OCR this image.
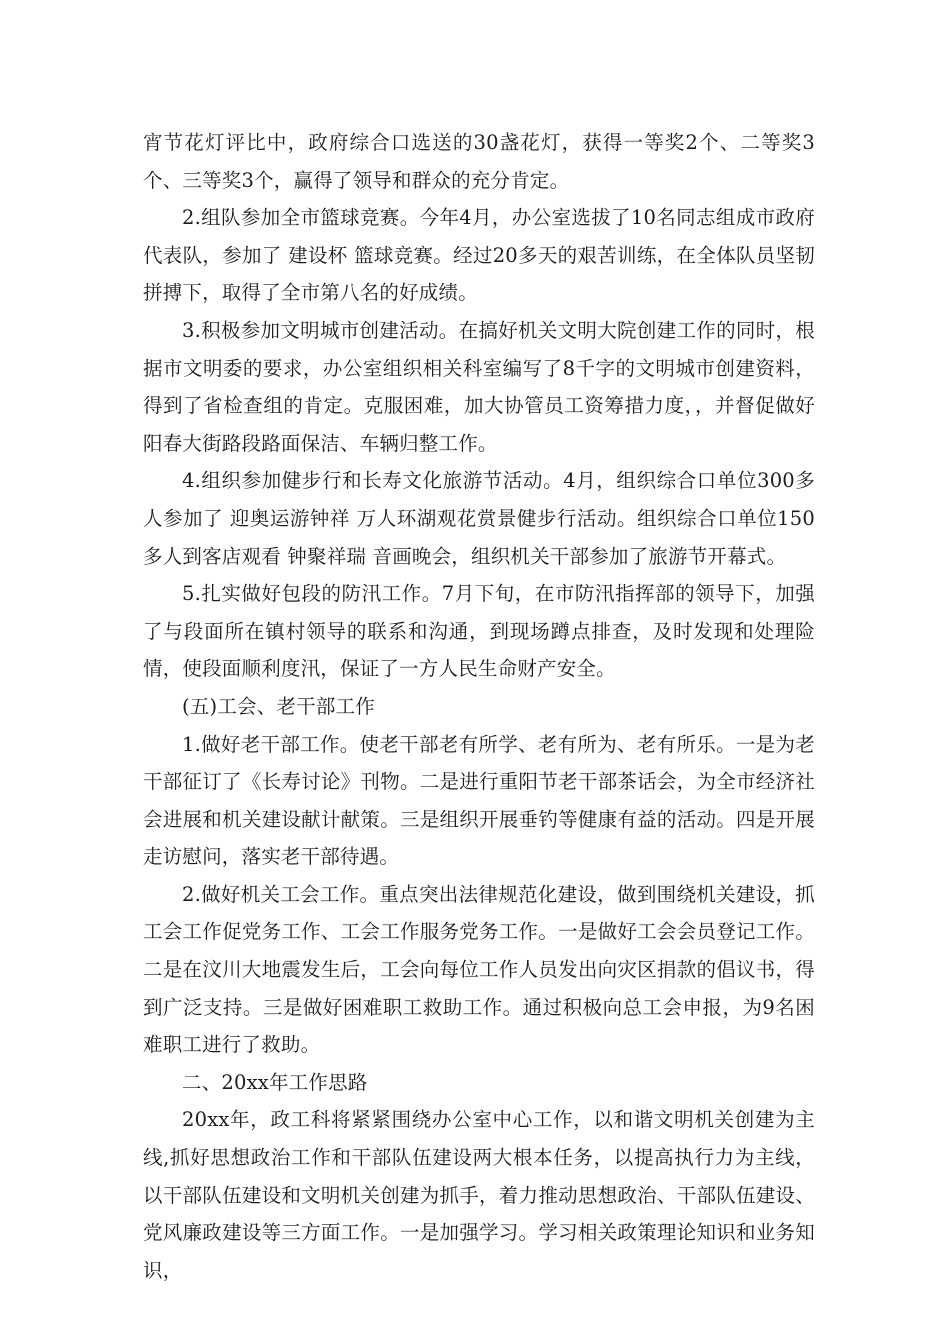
宵节花灯评比中，政府综合口选送的30盏花灯，获得一等奖2个、二等奖3个、三等奖3个，赢得了领导和群众的充分肯定。

2.组队参加全市篮球竞赛。今年4月，办公室选拔了10名同志组成市政府代表队，参加了 建设杯 篮球竞赛。经过20多天的艰苦训练，在全体队员坚韧拼搏下，取得了全市第八名的好成绩。

3.积极参加文明城市创建活动。在搞好机关文明大院创建工作的同时，根据市文明委的要求，办公室组织相关科室编写了8千字的文明城市创建资料，得到了省检查组的肯定。克服困难，加大协管员工资筹措力度，，并督促做好阳春大街路段路面保洁、车辆归整工作。

4.组织参加健步行和长寿文化旅游节活动。4月，组织综合口单位300多人参加了 迎奥运游钟祥 万人环湖观花赏景健步行活动。组织综合口单位150多人到客店观看 钟聚祥瑞 音画晚会，组织机关干部参加了旅游节开幕式。

5.扎实做好包段的防汛工作。7月下旬，在市防汛指挥部的领导下，加强了与段面所在镇村领导的联系和沟通，到现场蹲点排查，及时发现和处理险情，使段面顺利度汛，保证了一方人民生命财产安全。

(五)工会、老干部工作

1.做好老干部工作。使老干部老有所学、老有所为、老有所乐。一是为老干部征订了《长寿讨论》刊物。二是进行重阳节老干部茶话会，为全市经济社会进展和机关建设献计献策。三是组织开展垂钓等健康有益的活动。四是开展走访慰问，落实老干部待遇。

2.做好机关工会工作。重点突出法律规范化建设，做到围绕机关建设，抓工会工作促党务工作、工会工作服务党务工作。一是做好工会会员登记工作。二是在汶川大地震发生后，工会向每位工作人员发出向灾区捐款的倡议书，得到广泛支持。三是做好困难职工救助工作。通过积极向总工会申报，为9名困难职工进行了救助。

二、20xx年工作思路

20xx年，政工科将紧紧围绕办公室中心工作，以和谐文明机关创建为主线,抓好思想政治工作和干部队伍建设两大根本任务，以提高执行力为主线，以干部队伍建设和文明机关创建为抓手，着力推动思想政治、干部队伍建设、党风廉政建设等三方面工作。一是加强学习。学习相关政策理论知识和业务知识，
